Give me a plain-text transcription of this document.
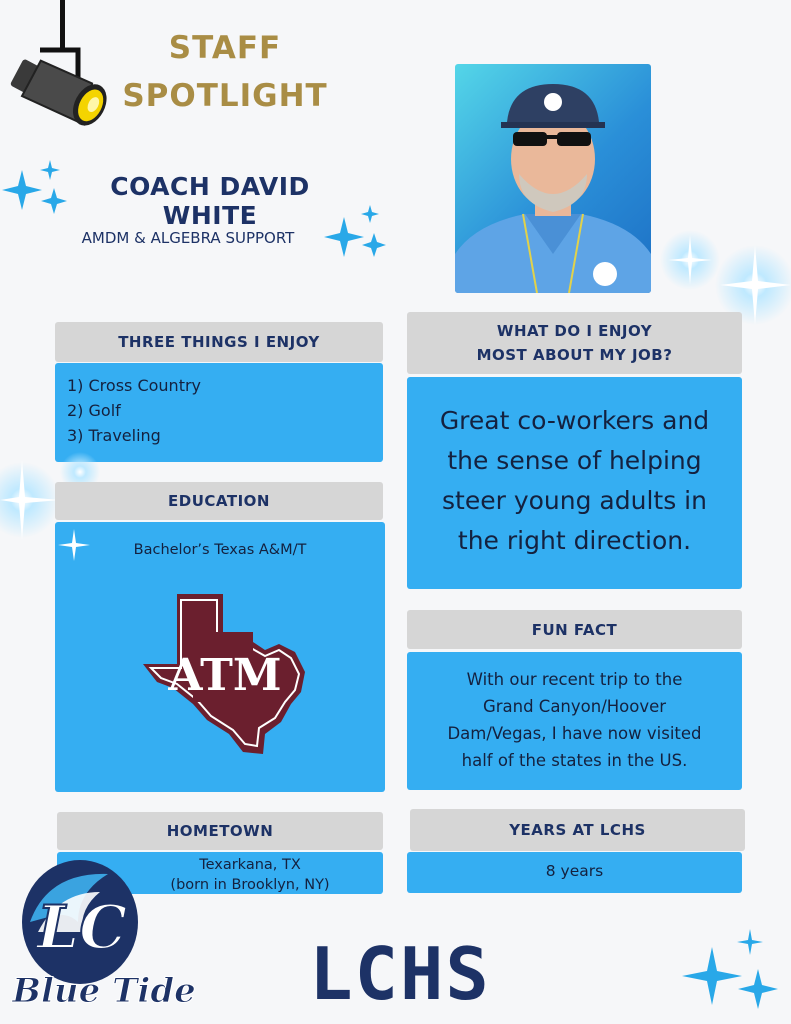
STAFF
SPOTLIGHT
COACH DAVID WHITE
AMDM & ALGEBRA SUPPORT
THREE THINGS I ENJOY
1) Cross Country
2) Golf
3) Traveling
WHAT DO I ENJOY
MOST ABOUT MY JOB?
Great co-workers and
the sense of helping
steer young adults in
the right direction.
EDUCATION
Bachelor’s Texas A&M/T
ATM
FUN FACT
With our recent trip to the
Grand Canyon/Hoover
Dam/Vegas, I have now visited
half of the states in the US.
HOMETOWN
Texarkana, TX
(born in Brooklyn, NY)
YEARS AT LCHS
8 years
LC
Blue Tide LCHS
